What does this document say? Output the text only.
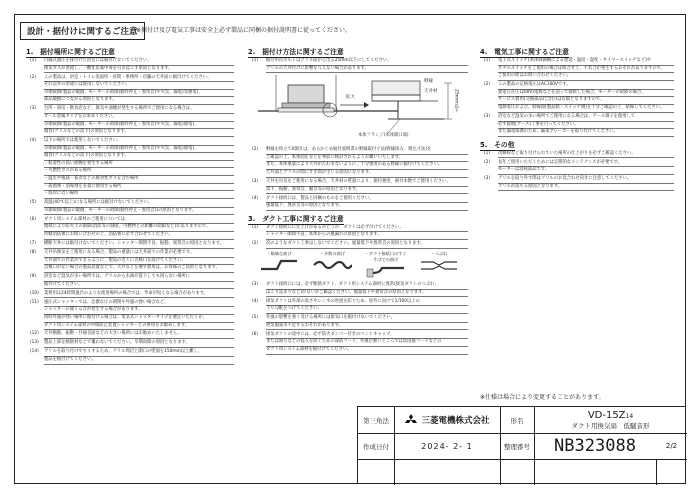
設計・据付けに関するご注意
※据付け及び電気工事は安全上必ず製品に同梱の据付説明書に従ってください。
1.　据付場所に関するご注意
(1) 内蔵式風圧を排付けた浴室には据付けないでください。
排気ガスが逆流し、一酸化炭素中毒を引き起こす原因となります。
(2) この製品は、浴室・トイレ洗面所・居間・事務所・店舗の天井面に据付けてください。
それ以外の用途には使用しないでください。
早期故障(製品の破損、モーターの故障(動作停止・異常音)や火災、漏電)等感電)、
部品破損につながる原因となります。
(3) 台所・厨房・飲食店など、換気や油煙が発生する場所でご使用になる場合は、
オール金属タイプをお求めください。
早期故障(製品の破損、モーターの故障(動作停止・異常音)や火災、漏電)感電)、
腐食(グリルなどの落下)の原因となります。
(4) 以下の場所では使用しないでください。
早期故障(製品の破損、モーターの故障(動作停止・異常音)や火災、漏電)感電)、
腐食(グリルなどの落下)の原因となります。
・粘着性の高い油煙を発生する場所
・可燃性ガスがある場所
・温室や植栽・畜舎などの腐食性ガスを含む場所
・殺菌剤・消毒剤を多量に使用する場所
・海岸に近い場所
(5) 高温(40℃以上)になる場所には据付けないでください。
早期故障(製品の破損、モーターの故障(動作停止・異常音))の原因となります。
(6) ダクト用システム部材のご使用については、
地域により防火上の制限(消防等の制限、可燃物との距離の制限など)がありますので、
所轄消防署にお問い合わせの上、消防署に必ず合わせてください。
(7) 横断天井には据付けないでください。シャッター開閉不良、振動、異常音の原因となります。
(8) 天井吊換気をご使用になる場合、製品の重量には天井面での作業が必要です。
天井面での作業ができるように、製品の近くに点検口を設けてください。
点検口がない場合の製品設置などで、天井などを壊す費用は、お客様のご負担となります。
(9) 浴室など湿気が多い場所では、グリルから水滴が落下しても困らない場所に
据付けてください。
(10) 業務用は24時間風呂のような使用場所の場合では、寿命が短くなる場合があります。
(11) 風圧式シャッターでは、急激な圧の閉閉や外風の強い場合など、
シャッターの開くる音が発生する場合があります。
同時外風が強い場所に据付ける場合は、電気式シャッタータイプを選定いただくか、
ダクト用システム部材の中間防止装置シャッターとの併用をお勧めします。
(12) 天井断熱、振動・共通音面などの大きい場所にはお勧めいたしません。
(13) 製品上部を断熱材などで覆わないでください。早期故障の原因となります。
(14) グリルを取り付けやすくするため、グリル周辺と開口の壁面を150mm以上離し、
製品を据付けてください。
2.　据付け方法に関するご注意
(1) 据付用吊ボルトはグリル面から出る25mm以下にしてください。
グリルの天井付けに影響を与えない場合があります。
野縁
天井材	25mm以下
拡大
本体フランジ(本体開口部)
(2) 野縁を結立て0開きは、あらかじめ据付説明書の野縁取付寸法(野縁組み、埋込寸法)を
ご確認の上、本体固定などを事前に検討されるようお願いいたします。
また、本体重量により天井がたわまないように、十分強度のある野縁に据付けてください。
天井面とグリルの間にすき間が生じる原因になります。
(3) 天井を吊気をご使用になる場合、天井材の質量により、据付強度、耐付本数でご使用ください。
落下、振動、異常音、騒音等の原因となります。
(4) ダクト接続口は、製品と同梱のものをご使用ください。
風量低下、異常音等の原因となります。
3.　ダクト工事に関するご注意
(1) ダクト接続口に仕上げがあるかどうか、ダクトは必ず付けてください。
シャッター開閉不良、本体からの風漏れの原因となります。
(2) 次のようなダクト工事はしないでください。風量低下や異常音の原因となります。
・極端な曲げ	・多数の曲げ	・ダクト接続口のすぐそばでの曲げ
・つぶれ
(3) ダクト接続口には、必ず断熱ダクト、ダクト用システム部材に異常(接気ダクトのつぶれ、
ほこり詰まりなど)がないかご確認ください。風量低下や異常音の原因となります。
(4) 排気ダクトは外部の高さやレン水の逆流を防ぐため、屋外に向けて1/100以上の
下り勾配をつけてください。
(5) 外風の影響を強く受ける場所には排気口を据付けないでください。
逆気風量等不足するおそれがあります。
(6) 排気ダクトの途中には、必ず防火ダンパー付きのベントキャップ、
または両方などの侵入を防ぐための深防フード、外風が強いところでは防雨風フードなどの
ダクト用システム部材を据付けてください。
4.　電気工事に関するご注意
(1) 電子式スイッチ(本体制御機による遅延・温度・湿度・タイマースイッチなど)や
ホタルスイッチをご使用の場合は組合せ上、不具合が発生するおそれがありますので、
ご使用の際はお問い合わせください。
(2) この製品の定格電圧はAC100Vです。
異電圧在圧(200V)電源などを誤って接続した場合、モーターの故障の場合、
サービス費用(交換部品代含む)は有償となりますので、
電源電圧および、結線図(製品銘・スイッチ側)を十分ご確認の上、結線してください。
(3) 浴室など湿気の多い場所でご使用になる場合は、アース端子を使用して
必ず接地(アース)工事を行ってください。
また漏電保護のため、漏電ブレーカーを取り付けてください。
5.　その他
(1) 改修時など取り付けられていた場所の仕上がりを必ずご確認ください。
(2) 長年ご使用いただくためには定期的なメンテナンスが必要です。
モーターは消耗部品です。
(3) グリルを取り外す際はグリルのお見合わせ向きに注意してください。
グリルが落ちる原因となります。
※仕様は場合により変更することがあります。
第三角法	三菱電機株式会社	形名	VD-15Z14
ダクト用換気扇　低騒音形
作成日付	2024- 2- 1	整理番号	NB323088	2/2
